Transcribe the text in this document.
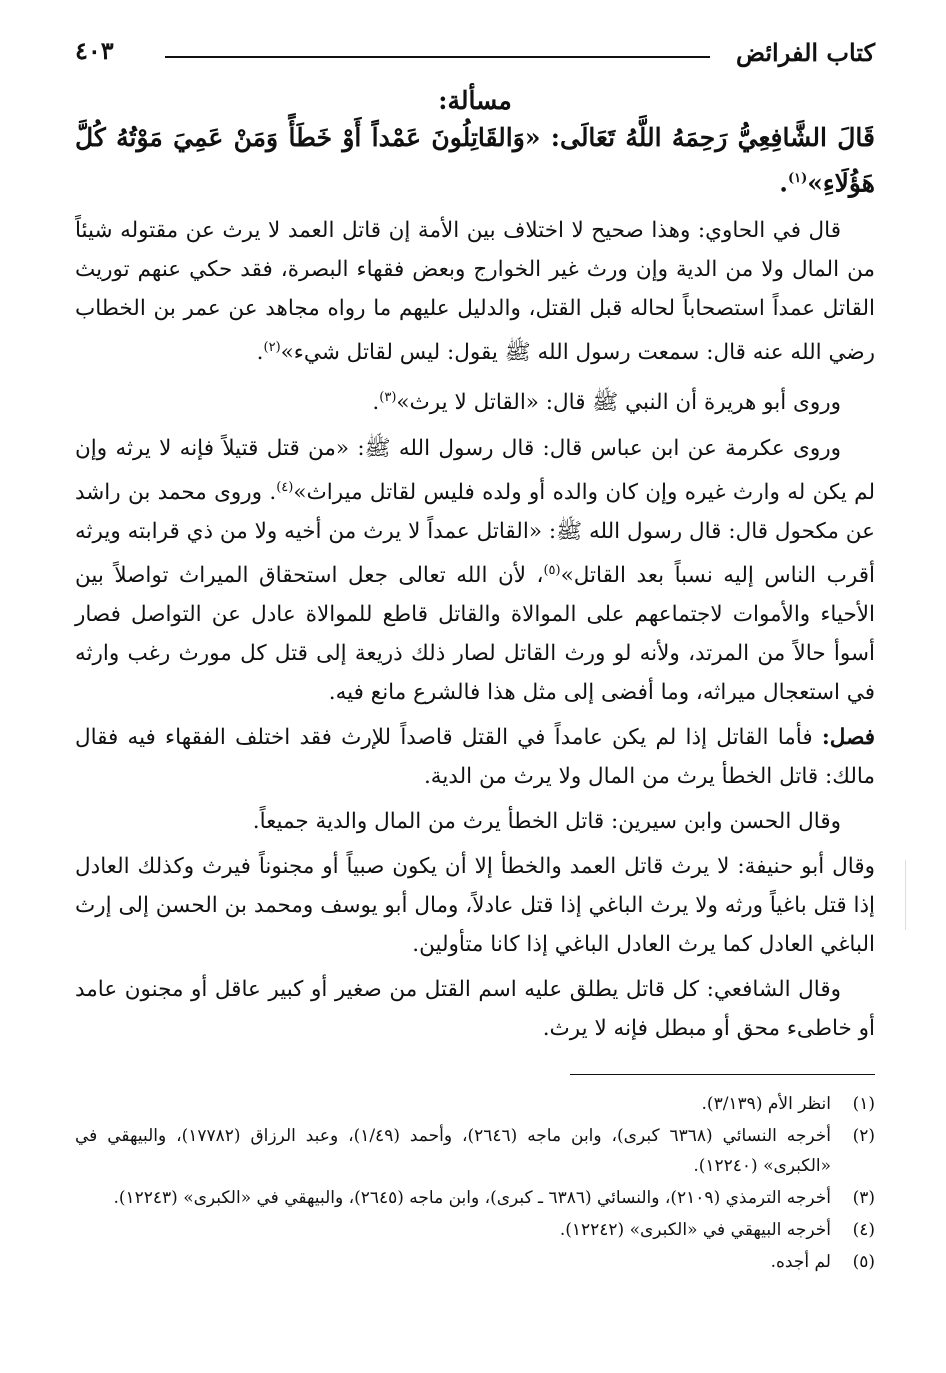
كتاب الفرائض
٤٠٣
مسألة:
قَالَ الشَّافِعِيُّ رَحِمَهُ اللَّهُ تَعَالَى: «وَالقَاتِلُونَ عَمْداً أَوْ خَطَأً وَمَنْ عَمِيَ مَوْتُهُ كُلَّ هَؤُلَاءِ»$^{(١)}$.

قال في الحاوي: وهذا صحيح لا اختلاف بين الأمة إن قاتل العمد لا يرث عن مقتوله شيئاً من المال ولا من الدية وإن ورث غير الخوارج وبعض فقهاء البصرة، فقد حكي عنهم توريث القاتل عمداً استصحاباً لحاله قبل القتل، والدليل عليهم ما رواه مجاهد عن عمر بن الخطاب رضي الله عنه قال: سمعت رسول الله ﷺ يقول: ليس لقاتل شيء»$^{(٢)}$.

وروى أبو هريرة أن النبي ﷺ قال: «القاتل لا يرث»$^{(٣)}$.

وروى عكرمة عن ابن عباس قال: قال رسول الله ﷺ: «من قتل قتيلاً فإنه لا يرثه وإن لم يكن له وارث غيره وإن كان والده أو ولده فليس لقاتل ميراث»$^{(٤)}$. وروى محمد بن راشد عن مكحول قال: قال رسول الله ﷺ: «القاتل عمداً لا يرث من أخيه ولا من ذي قرابته ويرثه أقرب الناس إليه نسباً بعد القاتل»$^{(٥)}$، لأن الله تعالى جعل استحقاق الميراث تواصلاً بين الأحياء والأموات لاجتماعهم على الموالاة والقاتل قاطع للموالاة عادل عن التواصل فصار أسوأ حالاً من المرتد، ولأنه لو ورث القاتل لصار ذلك ذريعة إلى قتل كل مورث رغب وارثه في استعجال ميراثه، وما أفضى إلى مثل هذا فالشرع مانع فيه.

فصل: فأما القاتل إذا لم يكن عامداً في القتل قاصداً للإرث فقد اختلف الفقهاء فيه فقال مالك: قاتل الخطأ يرث من المال ولا يرث من الدية.

وقال الحسن وابن سيرين: قاتل الخطأ يرث من المال والدية جميعاً.

وقال أبو حنيفة: لا يرث قاتل العمد والخطأ إلا أن يكون صبياً أو مجنوناً فيرث وكذلك العادل إذا قتل باغياً ورثه ولا يرث الباغي إذا قتل عادلاً، ومال أبو يوسف ومحمد بن الحسن إلى إرث الباغي العادل كما يرث العادل الباغي إذا كانا متأولين.

وقال الشافعي: كل قاتل يطلق عليه اسم القتل من صغير أو كبير عاقل أو مجنون عامد أو خاطىء محق أو مبطل فإنه لا يرث.

(١)
انظر الأم (٣/١٣٩).
(٢)
أخرجه النسائي (٦٣٦٨ كبرى)، وابن ماجه (٢٦٤٦)، وأحمد (١/٤٩)، وعبد الرزاق (١٧٧٨٢)، والبيهقي في «الكبرى» (١٢٢٤٠).
(٣)
أخرجه الترمذي (٢١٠٩)، والنسائي (٦٣٨٦ ـ كبرى)، وابن ماجه (٢٦٤٥)، والبيهقي في «الكبرى» (١٢٢٤٣).
(٤)
أخرجه البيهقي في «الكبرى» (١٢٢٤٢).
(٥)
لم أجده.
